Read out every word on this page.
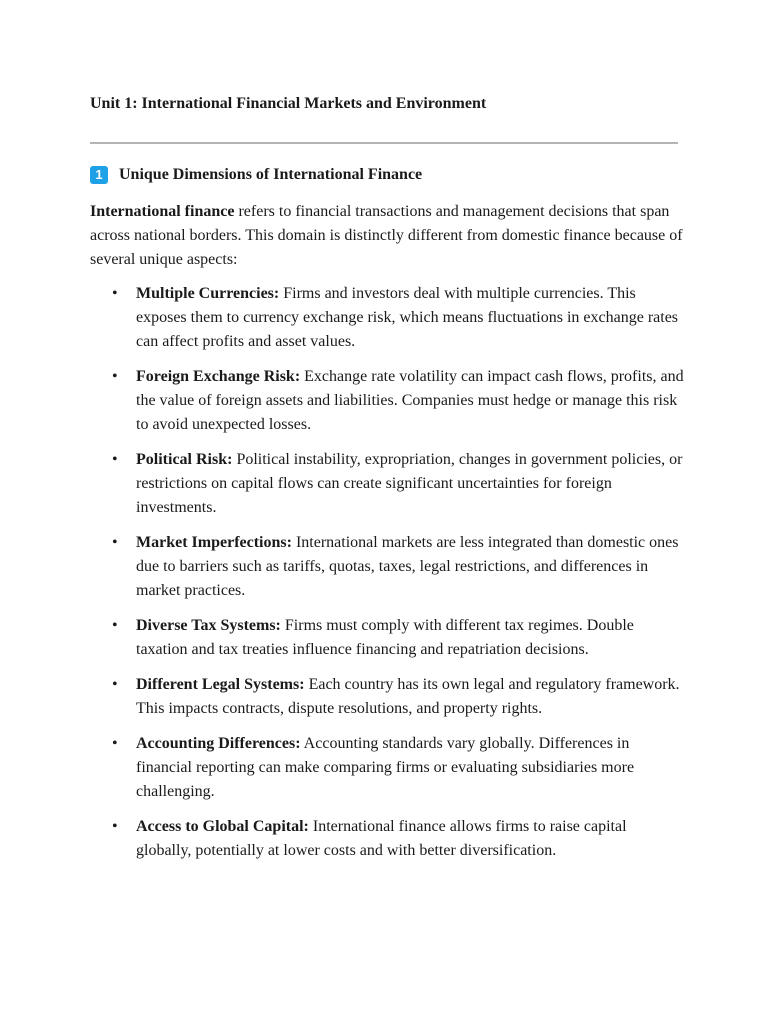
Unit 1: International Financial Markets and Environment
1	Unique Dimensions of International Finance

International finance refers to financial transactions and management decisions that span across national borders. This domain is distinctly different from domestic finance because of several unique aspects:

• Multiple Currencies: Firms and investors deal with multiple currencies. This exposes them to currency exchange risk, which means fluctuations in exchange rates can affect profits and asset values.
• Foreign Exchange Risk: Exchange rate volatility can impact cash flows, profits, and the value of foreign assets and liabilities. Companies must hedge or manage this risk to avoid unexpected losses.
• Political Risk: Political instability, expropriation, changes in government policies, or restrictions on capital flows can create significant uncertainties for foreign investments.
• Market Imperfections: International markets are less integrated than domestic ones due to barriers such as tariffs, quotas, taxes, legal restrictions, and differences in market practices.
• Diverse Tax Systems: Firms must comply with different tax regimes. Double taxation and tax treaties influence financing and repatriation decisions.
• Different Legal Systems: Each country has its own legal and regulatory framework. This impacts contracts, dispute resolutions, and property rights.
• Accounting Differences: Accounting standards vary globally. Differences in financial reporting can make comparing firms or evaluating subsidiaries more challenging.
• Access to Global Capital: International finance allows firms to raise capital globally, potentially at lower costs and with better diversification.
